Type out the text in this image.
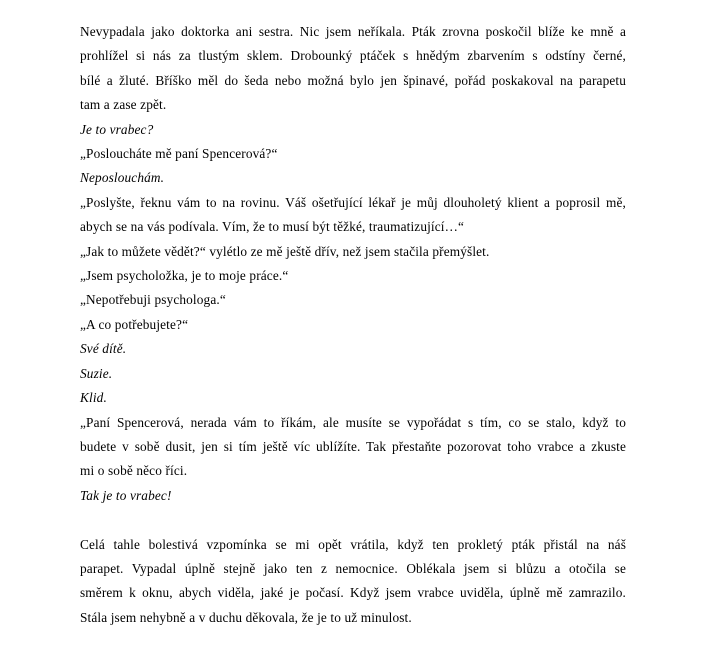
Nevypadala jako doktorka ani sestra. Nic jsem neříkala. Pták zrovna poskočil blíže ke mně a
prohlížel si nás za tlustým sklem. Drobounký ptáček s hnědým zbarvením s odstíny černé,
bílé a žluté. Bříško měl do šeda nebo možná bylo jen špinavé, pořád poskakoval na parapetu
tam a zase zpět.
Je to vrabec?
„Posloucháte mě paní Spencerová?“
Neposlouchám.
„Poslyšte, řeknu vám to na rovinu. Váš ošetřující lékař je můj dlouholetý klient a poprosil mě,
abych se na vás podívala. Vím, že to musí být těžké, traumatizující…“
„Jak to můžete vědět?“ vylétlo ze mě ještě dřív, než jsem stačila přemýšlet.
„Jsem psycholožka, je to moje práce.“
„Nepotřebuji psychologa.“
„A co potřebujete?“
Své dítě.
Suzie.
Klid.
„Paní Spencerová, nerada vám to říkám, ale musíte se vypořádat s tím, co se stalo, když to
budete v sobě dusit, jen si tím ještě víc ublížíte. Tak přestaňte pozorovat toho vrabce a zkuste
mi o sobě něco říci.
Tak je to vrabec!
Celá tahle bolestivá vzpomínka se mi opět vrátila, když ten prokletý pták přistál na náš
parapet. Vypadal úplně stejně jako ten z nemocnice. Oblékala jsem si blůzu a otočila se
směrem k oknu, abych viděla, jaké je počasí. Když jsem vrabce uviděla, úplně mě zamrazilo.
Stála jsem nehybně a v duchu děkovala, že je to už minulost.
